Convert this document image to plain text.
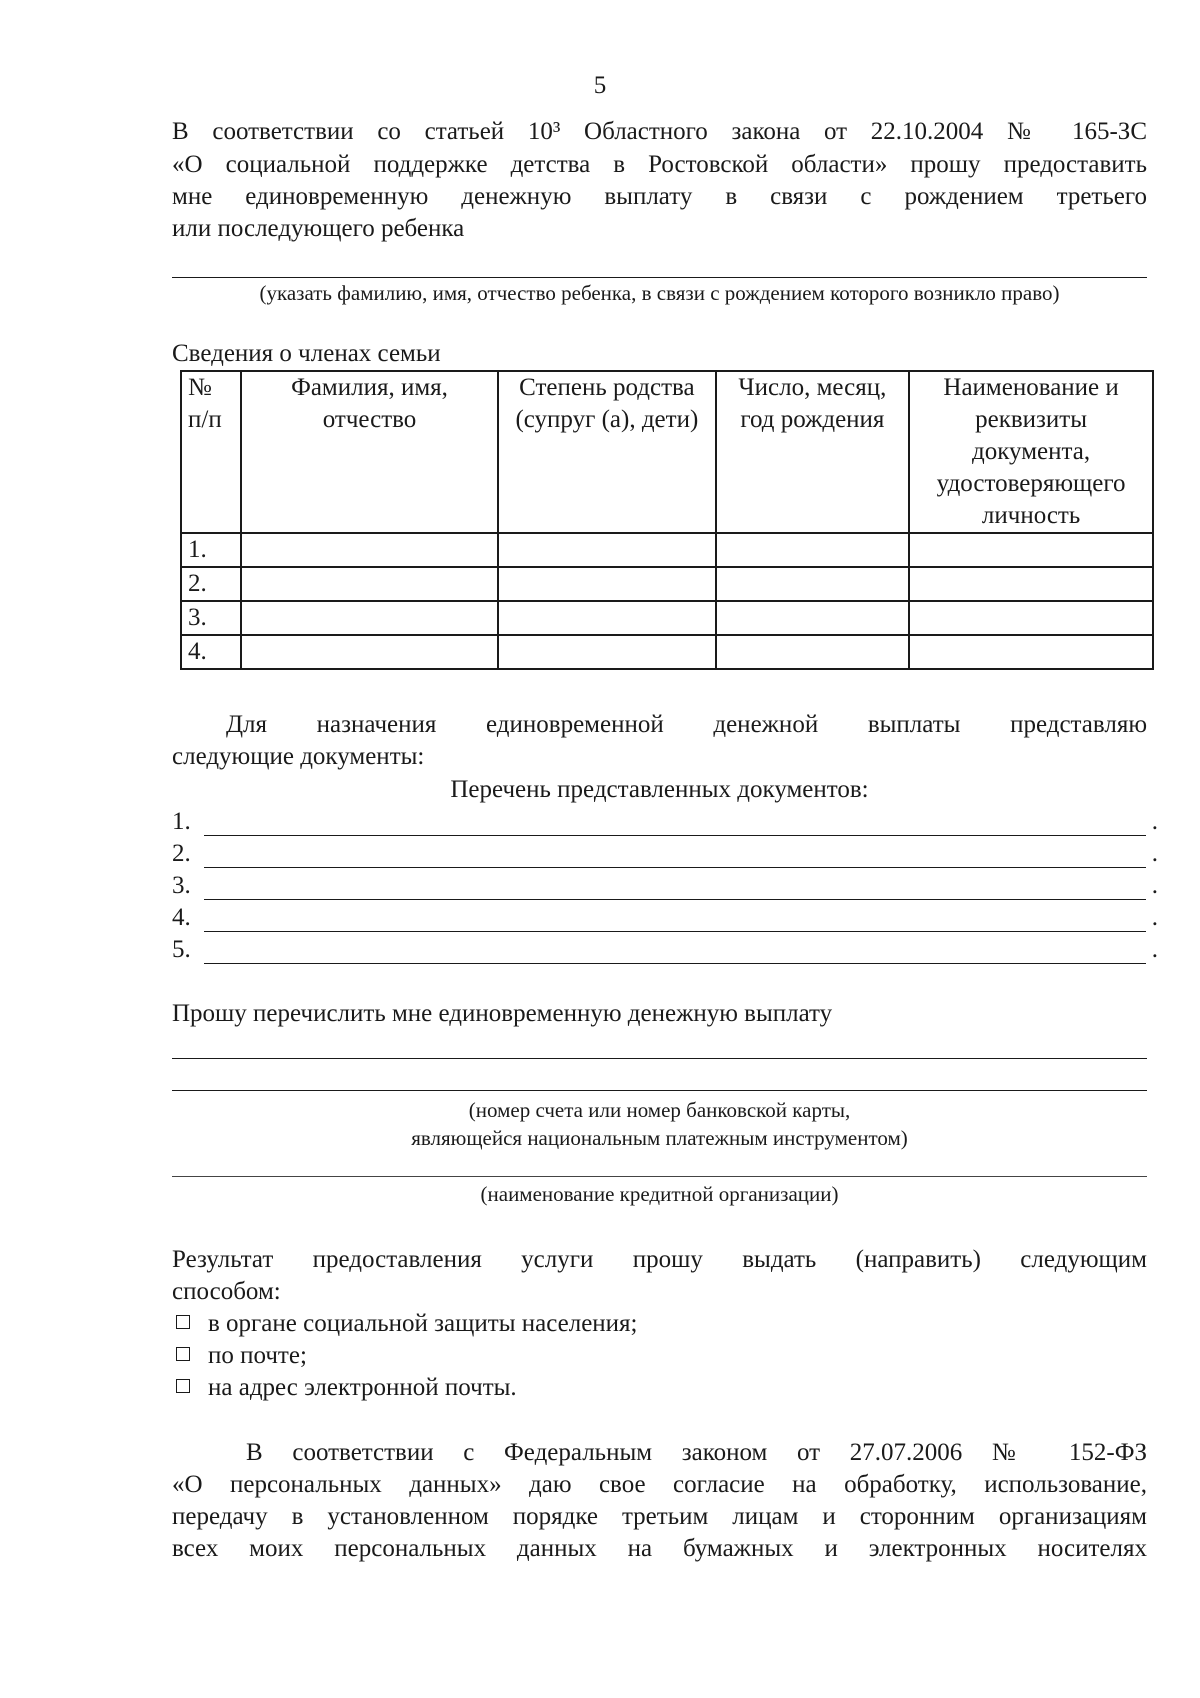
5
В соответствии со статьей 10³ Областного закона от 22.10.2004 № 165-ЗС
«О социальной поддержке детства в Ростовской области» прошу предоставить
мне единовременную денежную выплату в связи с рождением третьего
или последующего ребенка
(указать фамилию, имя, отчество ребенка, в связи с рождением которого возникло право)
Сведения о членах семьи
№ п/п	Фамилия, имя, отчество	Степень родства (супруг (а), дети)	Число, месяц, год рождения	Наименование и реквизиты документа, удостоверяющего личность
1.				
2.				
3.				
4.				
Для назначения единовременной денежной выплаты представляю
следующие документы:
Перечень представленных документов:
1.	.
2.	.
3.	.
4.	.
5.	.
Прошу перечислить мне единовременную денежную выплату
(номер счета или номер банковской карты,
являющейся национальным платежным инструментом)
(наименование кредитной организации)
Результат предоставления услуги прошу выдать (направить) следующим
способом:
в органе социальной защиты населения;
по почте;
на адрес электронной почты.
В соответствии с Федеральным законом от 27.07.2006 № 152-ФЗ
«О персональных данных» даю свое согласие на обработку, использование,
передачу в установленном порядке третьим лицам и сторонним организациям
всех моих персональных данных на бумажных и электронных носителях
